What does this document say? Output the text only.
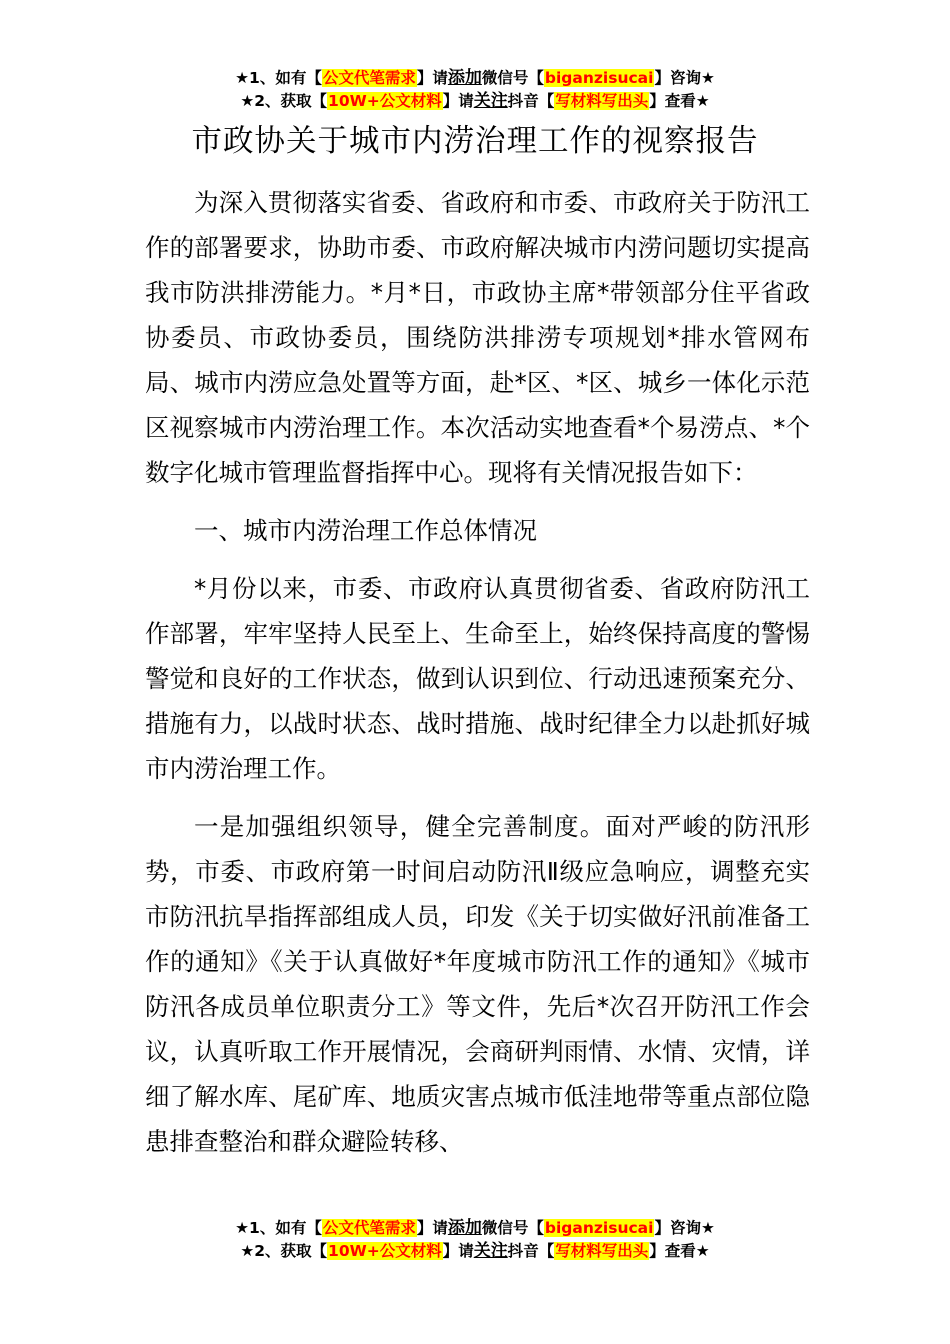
★1、如有【公文代笔需求】请添加微信号【biganzisucai】咨询★
★2、获取【10W+公文材料】请关注抖音【写材料写出头】查看★
市政协关于城市内涝治理工作的视察报告

为深入贯彻落实省委、省政府和市委、市政府关于防汛工作的部署要求，协助市委、市政府解决城市内涝问题切实提高我市防洪排涝能力。*月*日，市政协主席*带领部分住平省政协委员、市政协委员，围绕防洪排涝专项规划*排水管网布局、城市内涝应急处置等方面，赴*区、*区、城乡一体化示范区视察城市内涝治理工作。本次活动实地查看*个易涝点、*个数字化城市管理监督指挥中心。现将有关情况报告如下：

一、城市内涝治理工作总体情况

*月份以来，市委、市政府认真贯彻省委、省政府防汛工作部署，牢牢坚持人民至上、生命至上，始终保持高度的警惕警觉和良好的工作状态，做到认识到位、行动迅速预案充分、措施有力，以战时状态、战时措施、战时纪律全力以赴抓好城市内涝治理工作。

一是加强组织领导，健全完善制度。面对严峻的防汛形势，市委、市政府第一时间启动防汛Ⅱ级应急响应，调整充实市防汛抗旱指挥部组成人员，印发《关于切实做好汛前准备工作的通知》《关于认真做好*年度城市防汛工作的通知》《城市防汛各成员单位职责分工》等文件，先后*次召开防汛工作会议，认真听取工作开展情况，会商研判雨情、水情、灾情，详细了解水库、尾矿库、地质灾害点城市低洼地带等重点部位隐患排查整治和群众避险转移、

★1、如有【公文代笔需求】请添加微信号【biganzisucai】咨询★
★2、获取【10W+公文材料】请关注抖音【写材料写出头】查看★
